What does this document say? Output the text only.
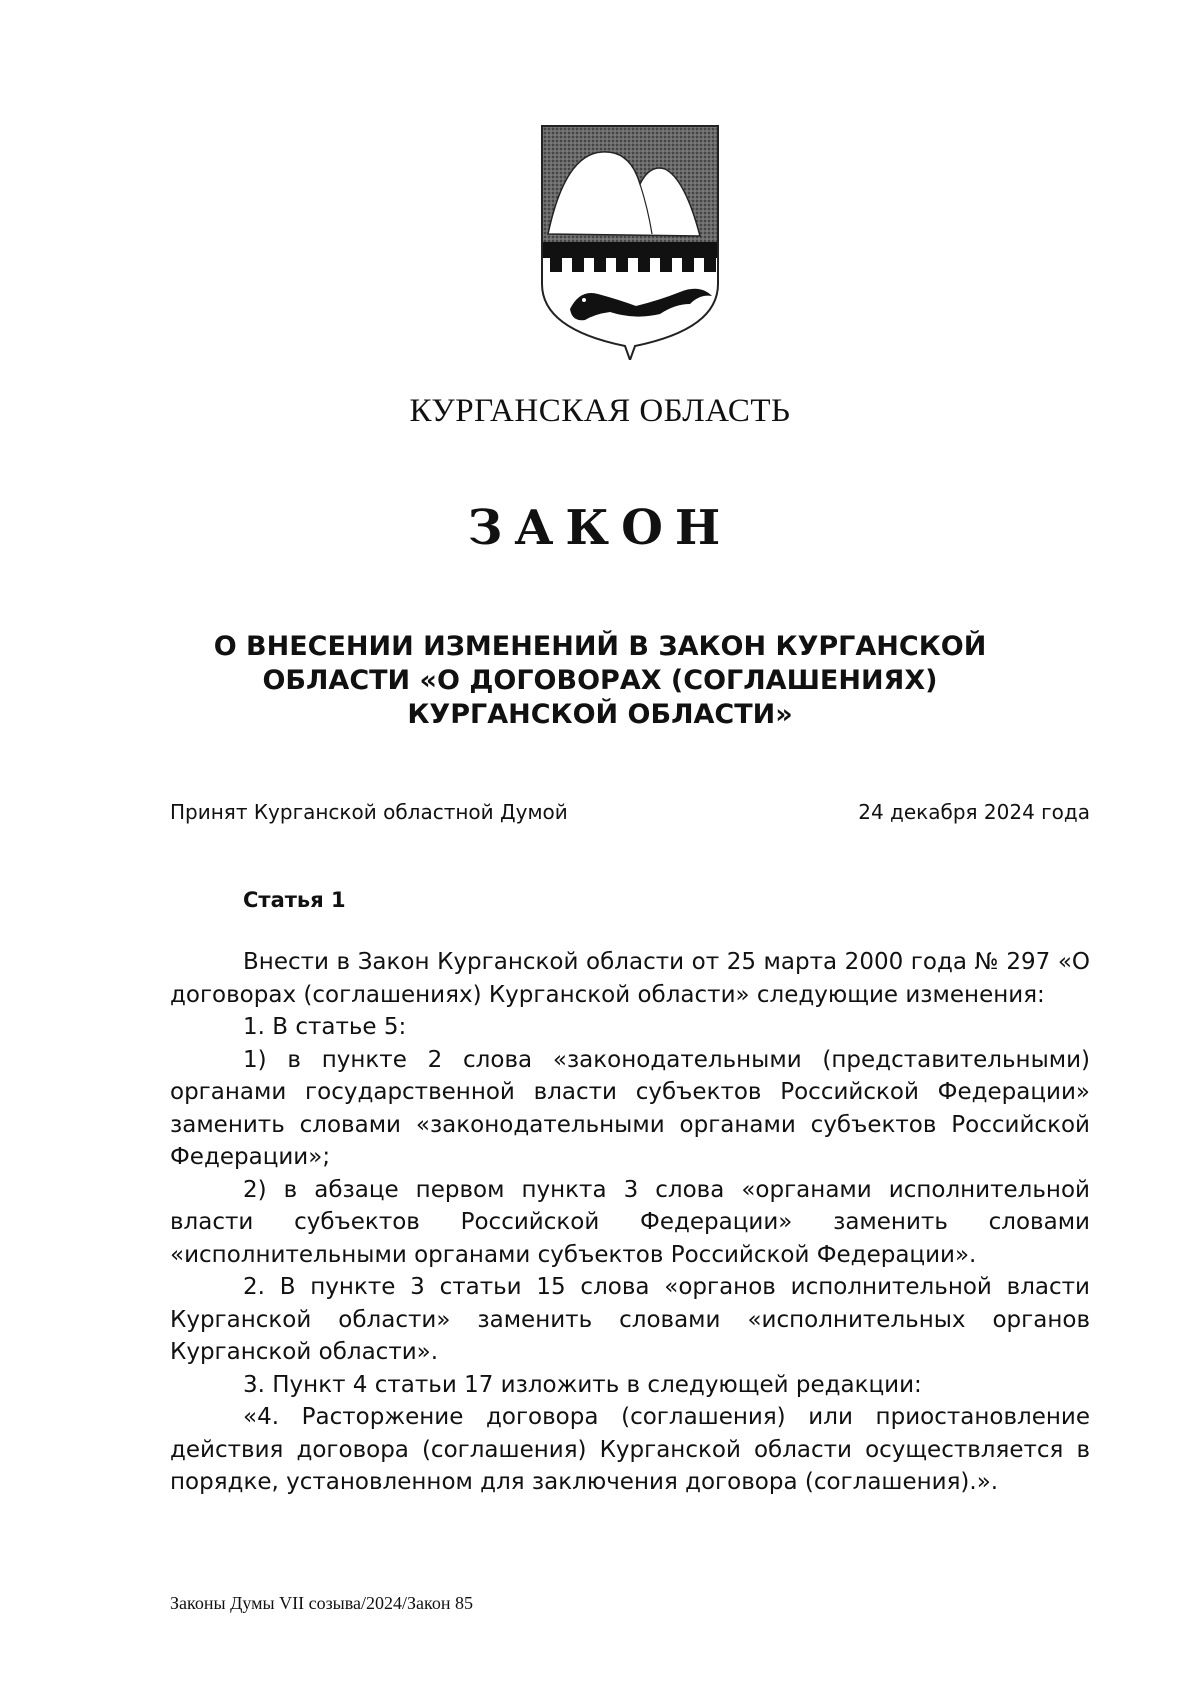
КУРГАНСКАЯ ОБЛАСТЬ
ЗАКОН
О ВНЕСЕНИИ ИЗМЕНЕНИЙ В ЗАКОН КУРГАНСКОЙ
ОБЛАСТИ «О ДОГОВОРАХ (СОГЛАШЕНИЯХ)
КУРГАНСКОЙ ОБЛАСТИ»
Принят Курганской областной Думой	24 декабря 2024 года
Статья 1

Внести в Закон Курганской области от 25 марта 2000 года № 297 «О договорах (соглашениях) Курганской области» следующие изменения:

1. В статье 5:

1) в пункте 2 слова «законодательными (представительными) органами государственной власти субъектов Российской Федерации» заменить словами «законодательными органами субъектов Российской Федерации»;

2) в абзаце первом пункта 3 слова «органами исполнительной власти субъектов Российской Федерации» заменить словами «исполнительными органами субъектов Российской Федерации».

2. В пункте 3 статьи 15 слова «органов исполнительной власти Курганской области» заменить словами «исполнительных органов Курганской области».

3. Пункт 4 статьи 17 изложить в следующей редакции:

«4. Расторжение договора (соглашения) или приостановление действия договора (соглашения) Курганской области осуществляется в порядке, установленном для заключения договора (соглашения).».

Законы Думы VII созыва/2024/Закон 85
